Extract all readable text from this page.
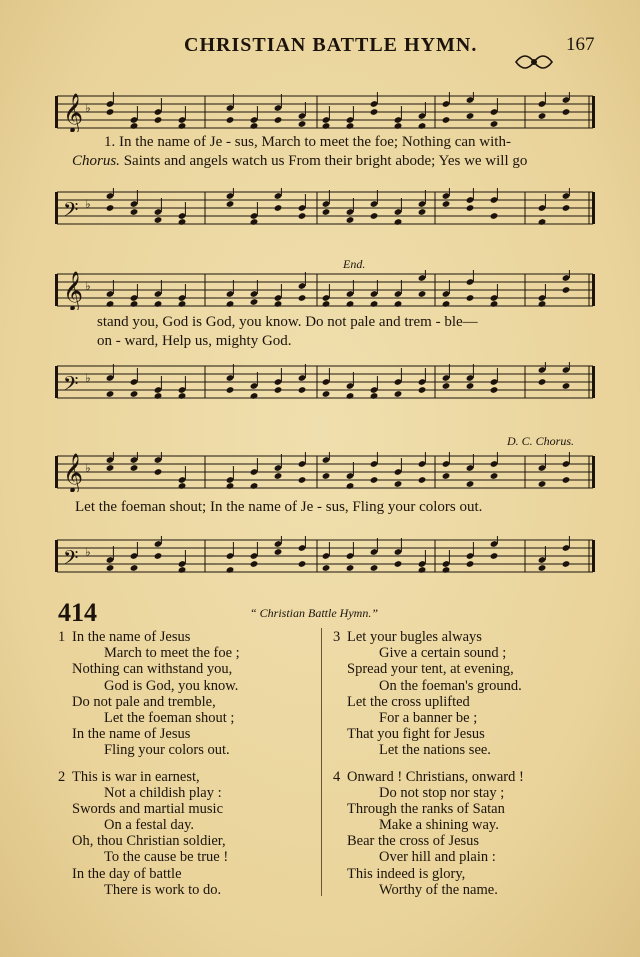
CHRISTIAN BATTLE HYMN.	167
𝄞 ♭
1. In the name of Je - sus, March to meet the foe; Nothing can with-
Chorus. Saints and angels watch us From their bright abode; Yes we will go
𝄢 ♭
End.
𝄞 ♭
stand you, God is God, you know. Do not pale and trem - ble—
on - ward, Help us, mighty God.
𝄢 ♭
D. C. Chorus.
𝄞 ♭
Let the foeman shout; In the name of Je - sus, Fling your colors out.
𝄢 ♭
414	“ Christian Battle Hymn.”
1 In the name of Jesus
March to meet the foe ;
Nothing can withstand you,
God is God, you know.
Do not pale and tremble,
Let the foeman shout ;
In the name of Jesus
Fling your colors out.
2 This is war in earnest,
Not a childish play :
Swords and martial music
On a festal day.
Oh, thou Christian soldier,
To the cause be true !
In the day of battle
There is work to do.
3 Let your bugles always
Give a certain sound ;
Spread your tent, at evening,
On the foeman's ground.
Let the cross uplifted
For a banner be ;
That you fight for Jesus
Let the nations see.
4 Onward ! Christians, onward !
Do not stop nor stay ;
Through the ranks of Satan
Make a shining way.
Bear the cross of Jesus
Over hill and plain :
This indeed is glory,
Worthy of the name.
